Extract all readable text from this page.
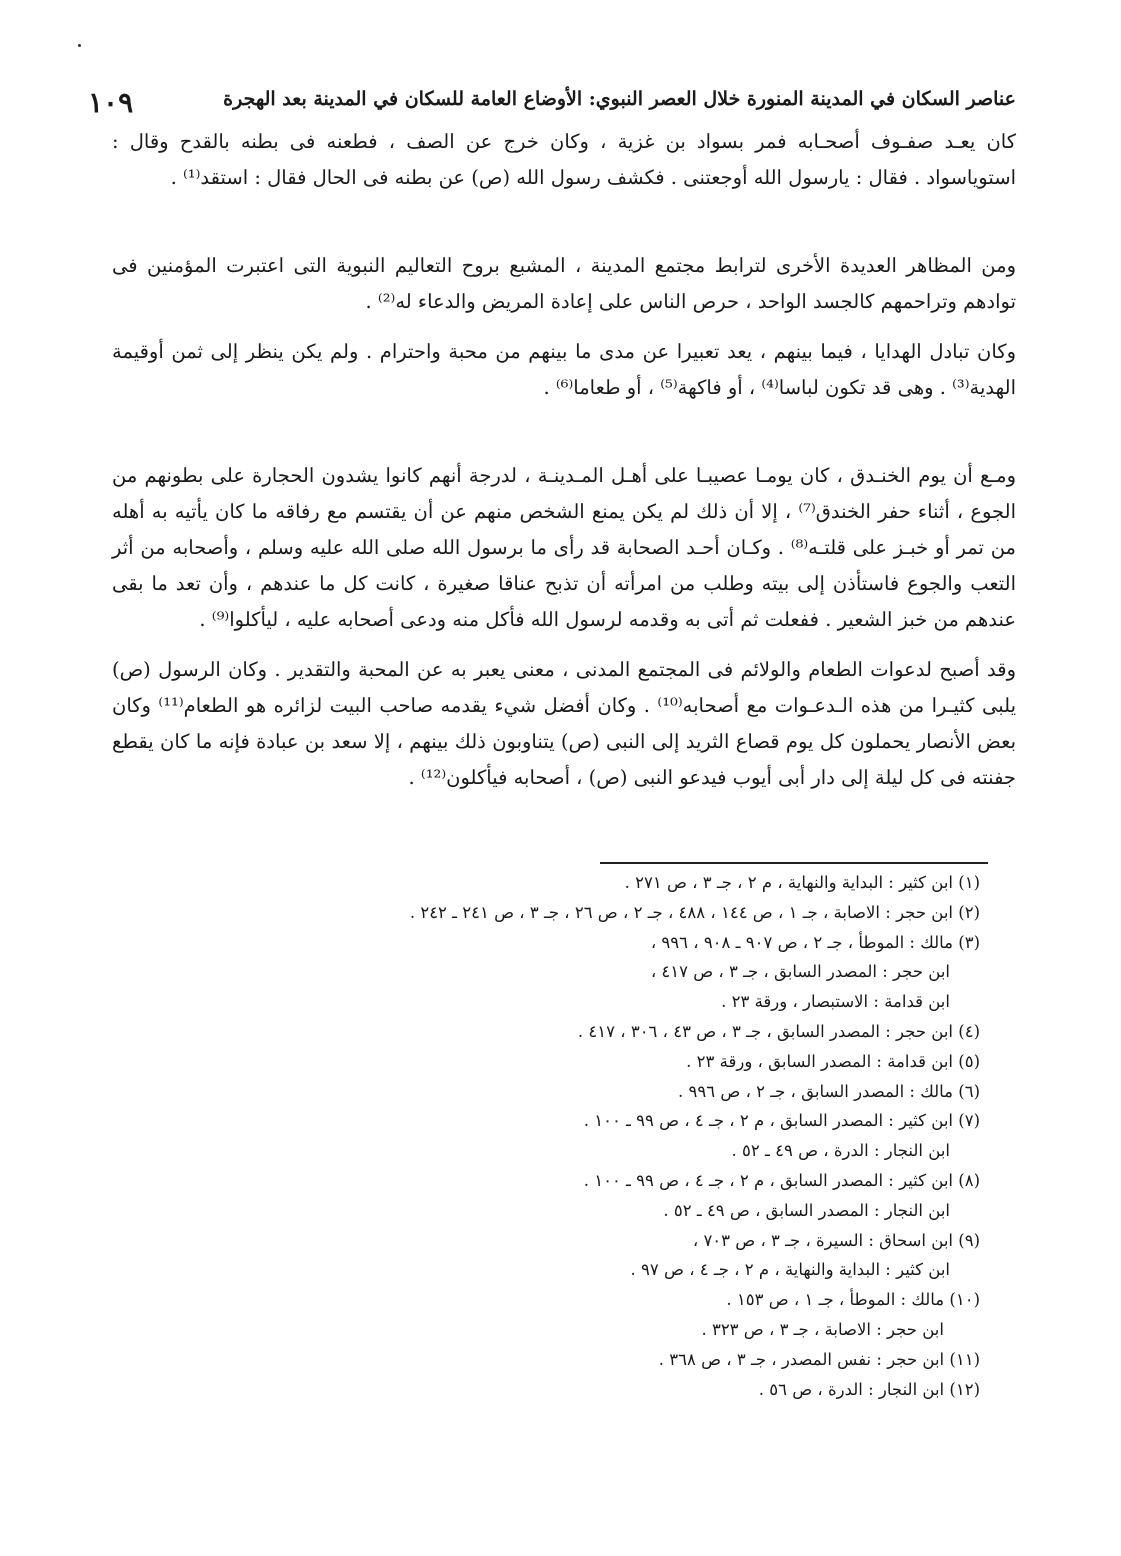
عناصر السكان في المدينة المنورة خلال العصر النبوي: الأوضاع العامة للسكان في المدينة بعد الهجرة
١٠٩

كان يعـد صفـوف أصحـابه فمر بسواد بن غزية ، وكان خرج عن الصف ، فطعنه فى بطنه بالقدح وقال : استوياسواد . فقال : يارسول الله أوجعتنى . فكشف رسول الله (ص) عن بطنه فى الحال فقال : استقد⁽¹⁾ .

ومن المظاهر العديدة الأخرى لترابط مجتمع المدينة ، المشبع بروح التعاليم النبوية التى اعتبرت المؤمنين فى توادهم وتراحمهم كالجسد الواحد ، حرص الناس على إعادة المريض والدعاء له⁽²⁾ .

وكان تبادل الهدايا ، فيما بينهم ، يعد تعبيرا عن مدى ما بينهم من محبة واحترام . ولم يكن ينظر إلى ثمن أوقيمة الهدية⁽³⁾ . وهى قد تكون لباسا⁽⁴⁾ ، أو فاكهة⁽⁵⁾ ، أو طعاما⁽⁶⁾ .

ومـع أن يوم الخنـدق ، كان يومـا عصيبـا على أهـل المـدينـة ، لدرجة أنهم كانوا يشدون الحجارة على بطونهم من الجوع ، أثناء حفر الخندق⁽⁷⁾ ، إلا أن ذلك لم يكن يمنع الشخص منهم عن أن يقتسم مع رفاقه ما كان يأتيه به أهله من تمر أو خبـز على قلتـه⁽⁸⁾ . وكـان أحـد الصحابة قد رأى ما برسول الله صلى الله عليه وسلم ، وأصحابه من أثر التعب والجوع فاستأذن إلى بيته وطلب من امرأته أن تذبح عناقا صغيرة ، كانت كل ما عندهم ، وأن تعد ما بقى عندهم من خبز الشعير . ففعلت ثم أتى به وقدمه لرسول الله فأكل منه ودعى أصحابه عليه ، ليأكلوا⁽⁹⁾ .

وقد أصبح لدعوات الطعام والولائم فى المجتمع المدنى ، معنى يعبر به عن المحبة والتقدير . وكان الرسول (ص) يلبى كثيـرا من هذه الـدعـوات مع أصحابه⁽¹⁰⁾ . وكان أفضل شيء يقدمه صاحب البيت لزائره هو الطعام⁽¹¹⁾ وكان بعض الأنصار يحملون كل يوم قصاع الثريد إلى النبى (ص) يتناوبون ذلك بينهم ، إلا سعد بن عبادة فإنه ما كان يقطع جفنته فى كل ليلة إلى دار أبى أيوب فيدعو النبى (ص) ، أصحابه فيأكلون⁽¹²⁾ .

(١) ابن كثير : البداية والنهاية ، م ٢ ، جـ ٣ ، ص ٢٧١ .
(٢) ابن حجر : الاصابة ، جـ ١ ، ص ١٤٤ ، ٤٨٨ ، جـ ٢ ، ص ٢٦ ، جـ ٣ ، ص ٢٤١ ـ ٢٤٢ .
(٣) مالك : الموطأ ، جـ ٢ ، ص ٩٠٧ ـ ٩٠٨ ، ٩٩٦ ،
ابن حجر : المصدر السابق ، جـ ٣ ، ص ٤١٧ ،
ابن قدامة : الاستبصار ، ورقة ٢٣ .
(٤) ابن حجر : المصدر السابق ، جـ ٣ ، ص ٤٣ ، ٣٠٦ ، ٤١٧ .
(٥) ابن قدامة : المصدر السابق ، ورقة ٢٣ .
(٦) مالك : المصدر السابق ، جـ ٢ ، ص ٩٩٦ .
(٧) ابن كثير : المصدر السابق ، م ٢ ، جـ ٤ ، ص ٩٩ ـ ١٠٠ .
ابن النجار : الدرة ، ص ٤٩ ـ ٥٢ .
(٨) ابن كثير : المصدر السابق ، م ٢ ، جـ ٤ ، ص ٩٩ ـ ١٠٠ .
ابن النجار : المصدر السابق ، ص ٤٩ ـ ٥٢ .
(٩) ابن اسحاق : السيرة ، جـ ٣ ، ص ٧٠٣ ،
ابن كثير : البداية والنهاية ، م ٢ ، جـ ٤ ، ص ٩٧ .
(١٠) مالك : الموطأ ، جـ ١ ، ص ١٥٣ .
ابن حجر : الاصابة ، جـ ٣ ، ص ٣٢٣ .
(١١) ابن حجر : نفس المصدر ، جـ ٣ ، ص ٣٦٨ .
(١٢) ابن النجار : الدرة ، ص ٥٦ .
